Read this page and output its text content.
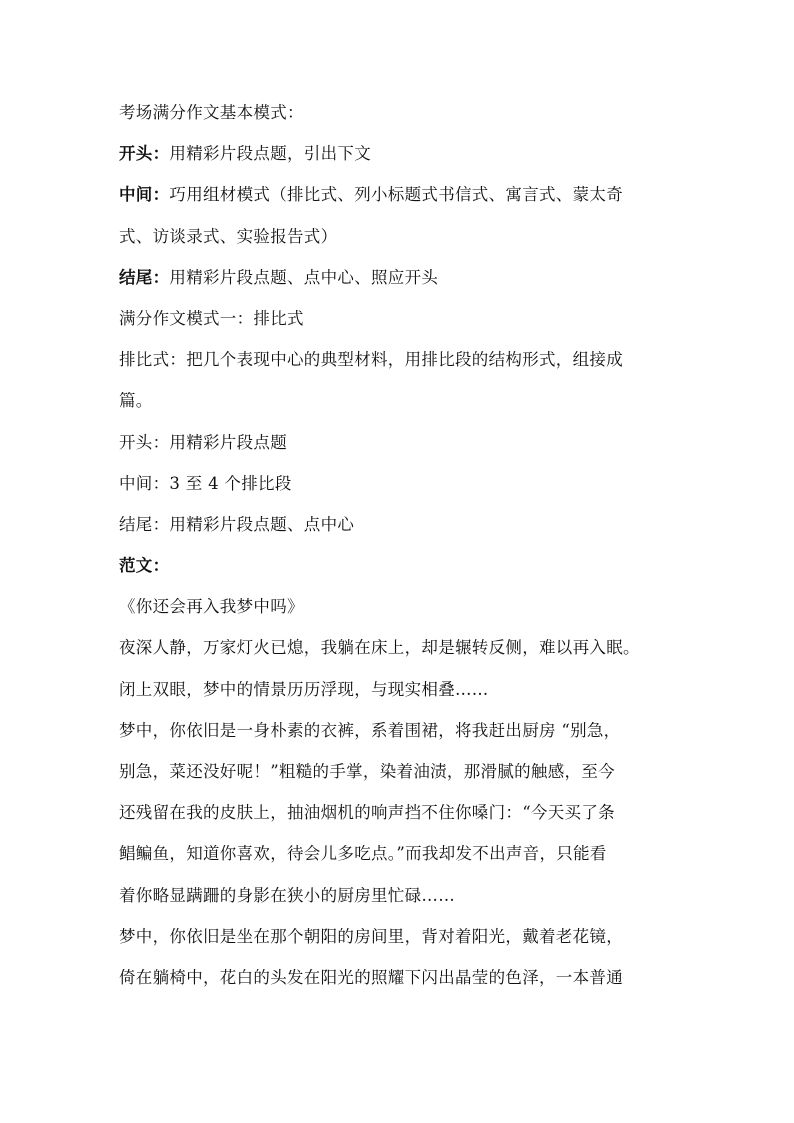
考场满分作文基本模式：
开头：用精彩片段点题，引出下文
中间：巧用组材模式（排比式、列小标题式书信式、寓言式、蒙太奇
式、访谈录式、实验报告式）
结尾：用精彩片段点题、点中心、照应开头
满分作文模式一：排比式
排比式：把几个表现中心的典型材料，用排比段的结构形式，组接成
篇。
开头：用精彩片段点题
中间：3 至 4 个排比段
结尾：用精彩片段点题、点中心
范文：
《你还会再入我梦中吗》
夜深人静，万家灯火已熄，我躺在床上，却是辗转反侧，难以再入眠。
闭上双眼，梦中的情景历历浮现，与现实相叠……
梦中，你依旧是一身朴素的衣裤，系着围裙，将我赶出厨房 “别急，
别急，菜还没好呢！”粗糙的手掌，染着油渍，那滑腻的触感，至今
还残留在我的皮肤上，抽油烟机的响声挡不住你嗓门：“今天买了条
鲳鳊鱼，知道你喜欢，待会儿多吃点。”而我却发不出声音，只能看
着你略显蹒跚的身影在狭小的厨房里忙碌……
梦中，你依旧是坐在那个朝阳的房间里，背对着阳光，戴着老花镜，
倚在躺椅中，花白的头发在阳光的照耀下闪出晶莹的色泽，一本普通
